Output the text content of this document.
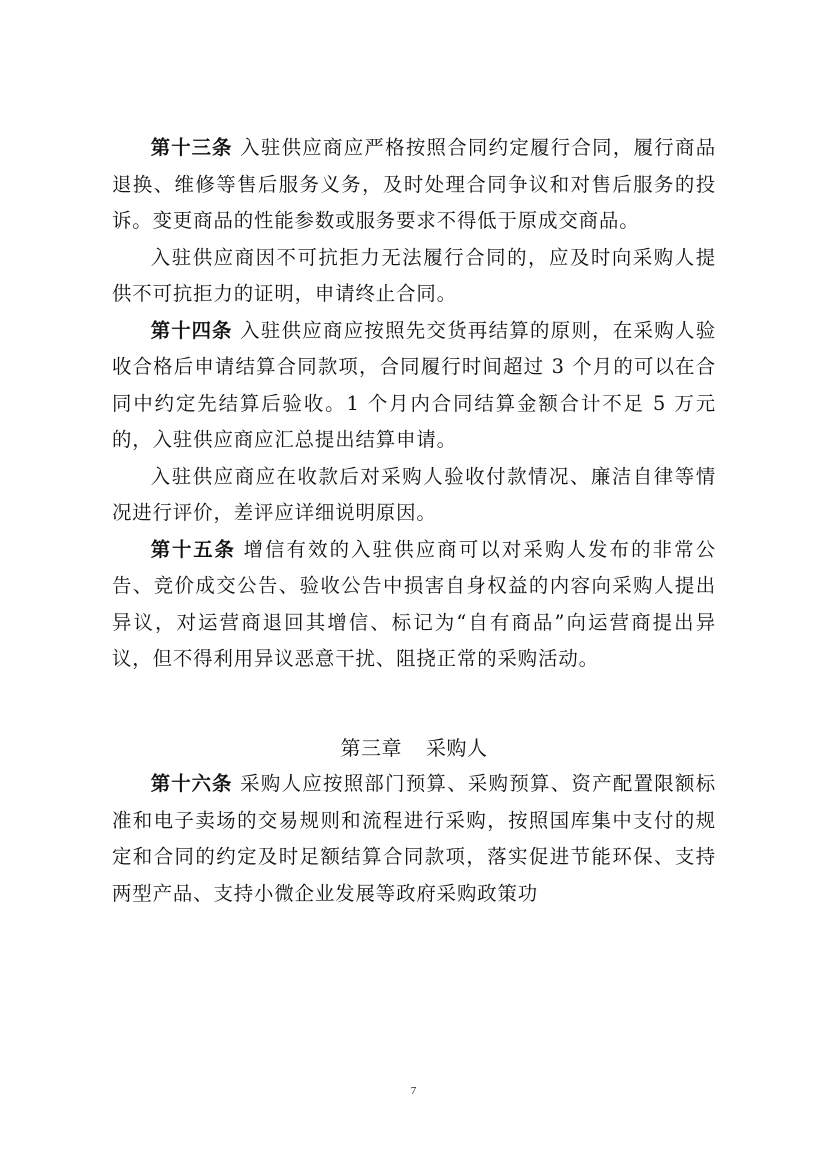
第十三条 入驻供应商应严格按照合同约定履行合同，履行商品退换、维修等售后服务义务，及时处理合同争议和对售后服务的投诉。变更商品的性能参数或服务要求不得低于原成交商品。

入驻供应商因不可抗拒力无法履行合同的，应及时向采购人提供不可抗拒力的证明，申请终止合同。

第十四条 入驻供应商应按照先交货再结算的原则，在采购人验收合格后申请结算合同款项，合同履行时间超过 3 个月的可以在合同中约定先结算后验收。1 个月内合同结算金额合计不足 5 万元的，入驻供应商应汇总提出结算申请。

入驻供应商应在收款后对采购人验收付款情况、廉洁自律等情况进行评价，差评应详细说明原因。

第十五条 增信有效的入驻供应商可以对采购人发布的非常公告、竞价成交公告、验收公告中损害自身权益的内容向采购人提出异议，对运营商退回其增信、标记为“自有商品”向运营商提出异议，但不得利用异议恶意干扰、阻挠正常的采购活动。

第三章 采购人

第十六条 采购人应按照部门预算、采购预算、资产配置限额标准和电子卖场的交易规则和流程进行采购，按照国库集中支付的规定和合同的约定及时足额结算合同款项，落实促进节能环保、支持两型产品、支持小微企业发展等政府采购政策功

7
